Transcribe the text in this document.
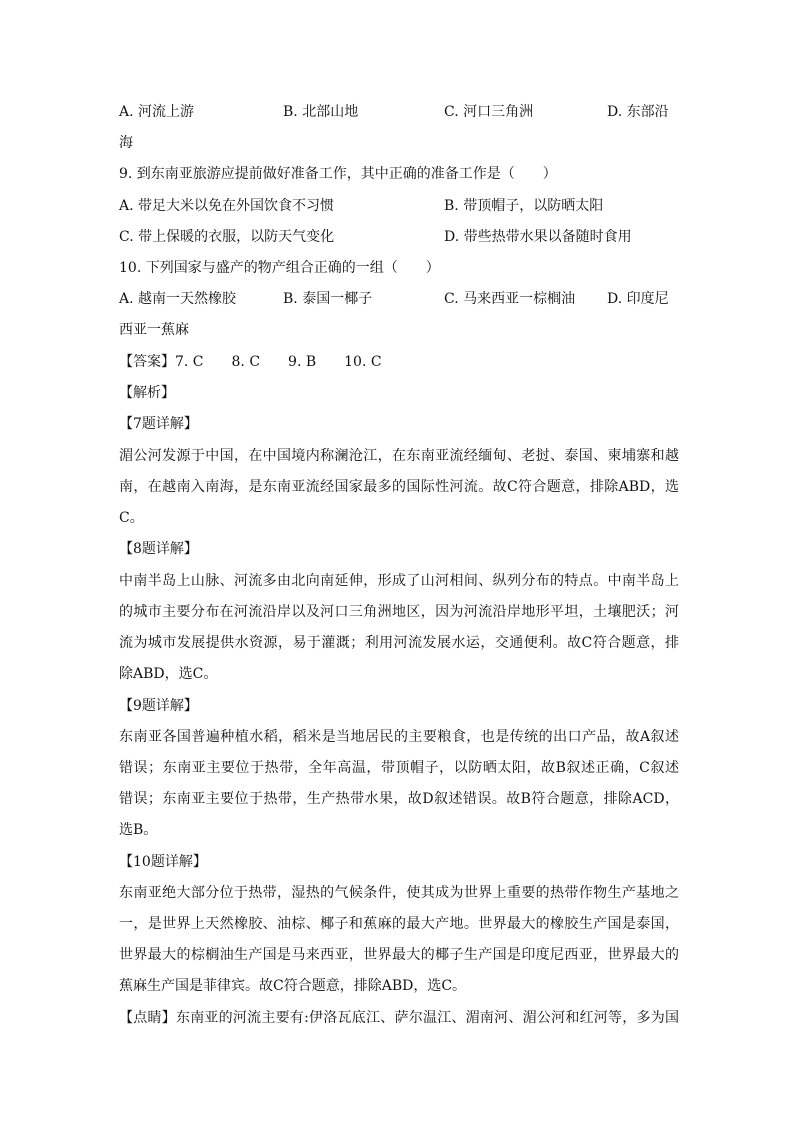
A. 河流上游	B. 北部山地	C. 河口三角洲	D. 东部沿
海
9. 到东南亚旅游应提前做好准备工作，其中正确的准备工作是（　　）
A. 带足大米以免在外国饮食不习惯	B. 带顶帽子，以防晒太阳
C. 带上保暖的衣服，以防天气变化	D. 带些热带水果以备随时食用
10. 下列国家与盛产的物产组合正确的一组（　　）
A. 越南一天然橡胶	B. 泰国一椰子	C. 马来西亚一棕榈油 D. 印度尼
西亚一蕉麻
【答案】7. C　　8. C　　9. B　　10. C
【解析】
【7题详解】
湄公河发源于中国，在中国境内称澜沧江，在东南亚流经缅甸、老挝、泰国、柬埔寨和越
南，在越南入南海，是东南亚流经国家最多的国际性河流。故C符合题意，排除ABD，选
C。
【8题详解】
中南半岛上山脉、河流多由北向南延伸，形成了山河相间、纵列分布的特点。中南半岛上
的城市主要分布在河流沿岸以及河口三角洲地区，因为河流沿岸地形平坦，土壤肥沃；河
流为城市发展提供水资源，易于灌溉；利用河流发展水运，交通便利。故C符合题意，排
除ABD，选C。
【9题详解】
东南亚各国普遍种植水稻，稻米是当地居民的主要粮食，也是传统的出口产品，故A叙述
错误；东南亚主要位于热带，全年高温，带顶帽子，以防晒太阳，故B叙述正确，C叙述
错误；东南亚主要位于热带，生产热带水果，故D叙述错误。故B符合题意，排除ACD，
选B。
【10题详解】
东南亚绝大部分位于热带，湿热的气候条件，使其成为世界上重要的热带作物生产基地之
一，是世界上天然橡胶、油棕、椰子和蕉麻的最大产地。世界最大的橡胶生产国是泰国，
世界最大的棕榈油生产国是马来西亚，世界最大的椰子生产国是印度尼西亚，世界最大的
蕉麻生产国是菲律宾。故C符合题意，排除ABD，选C。
【点睛】东南亚的河流主要有:伊洛瓦底江、萨尔温江、湄南河、湄公河和红河等，多为国
